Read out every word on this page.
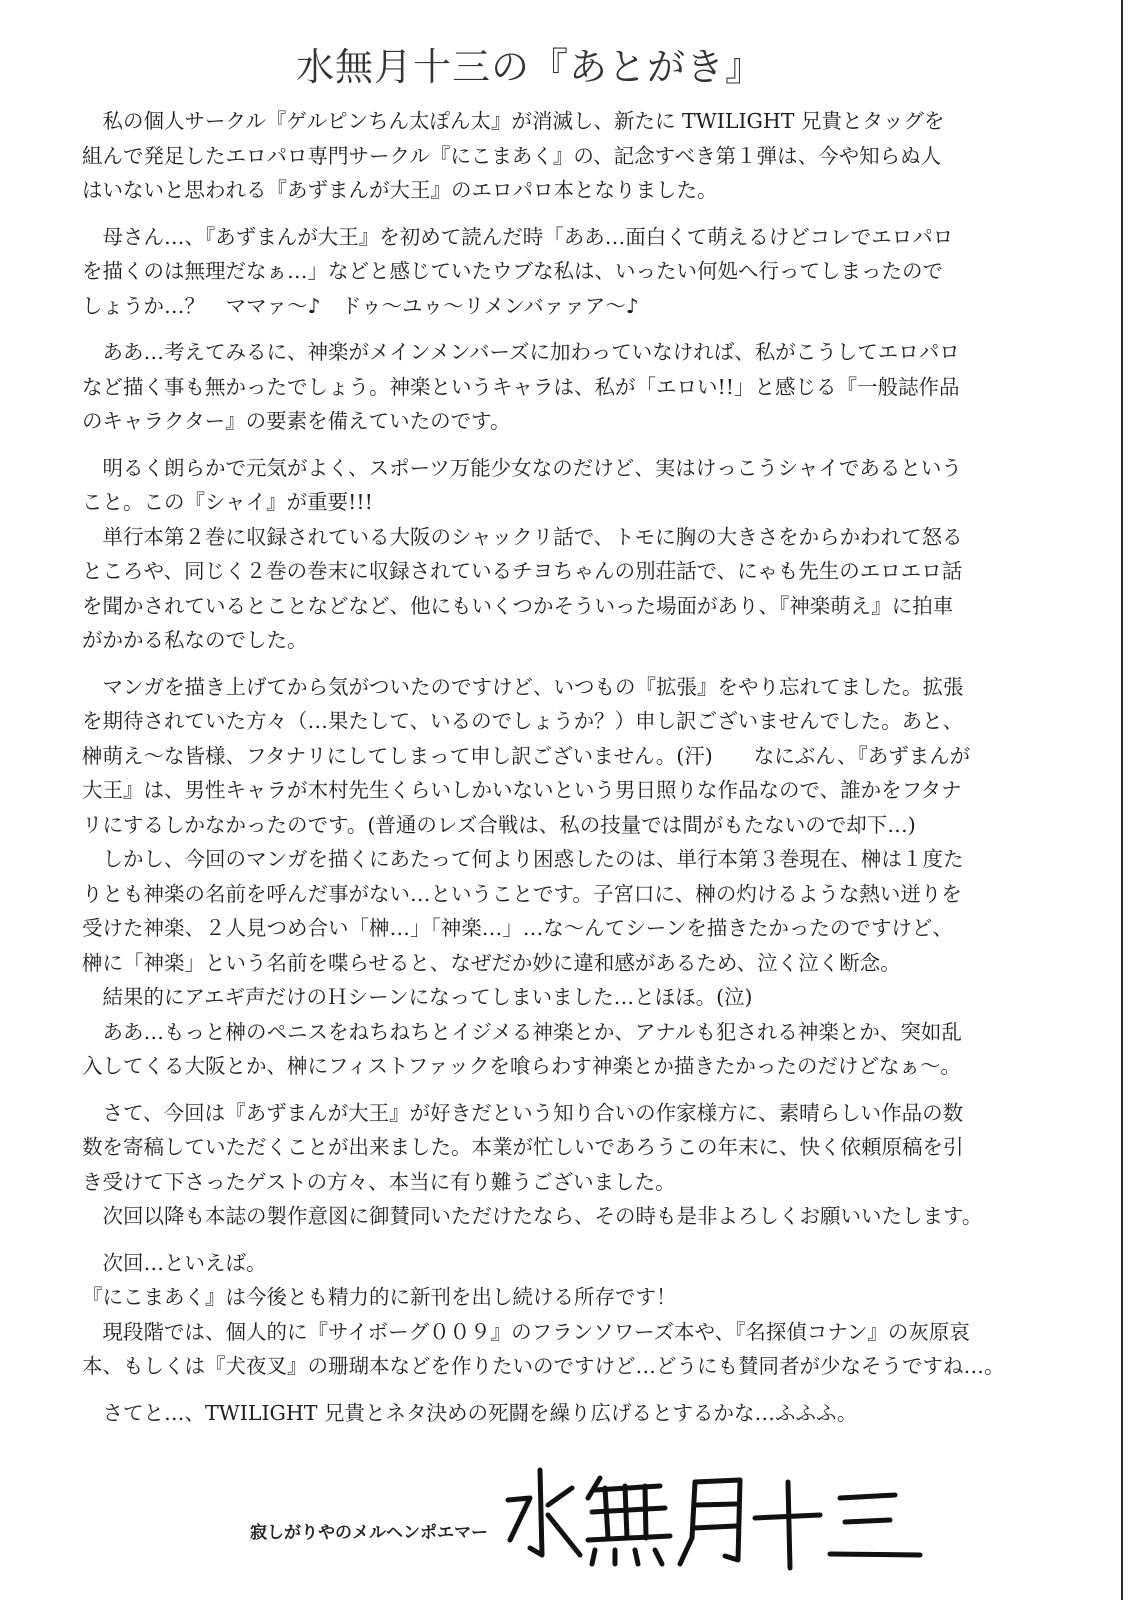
水無月十三の『あとがき』

　私の個人サークル『ゲルピンちん太ぽん太』が消滅し、新たに TWILIGHT 兄貴とタッグを
組んで発足したエロパロ専門サークル『にこまあく』の、記念すべき第１弾は、今や知らぬ人
はいないと思われる『あずまんが大王』のエロパロ本となりました。

　母さん…、『あずまんが大王』を初めて読んだ時「ああ…面白くて萌えるけどコレでエロパロ
を描くのは無理だなぁ…」などと感じていたウブな私は、いったい何処へ行ってしまったので
しょうか…？　ママァ〜♪　ドゥ〜ユゥ〜リメンバァァア〜♪

　ああ…考えてみるに、神楽がメインメンバーズに加わっていなければ、私がこうしてエロパロ
など描く事も無かったでしょう。神楽というキャラは、私が「エロい!!」と感じる『一般誌作品
のキャラクター』の要素を備えていたのです。

　明るく朗らかで元気がよく、スポーツ万能少女なのだけど、実はけっこうシャイであるという
こと。この『シャイ』が重要!!!
　単行本第２巻に収録されている大阪のシャックリ話で、トモに胸の大きさをからかわれて怒る
ところや、同じく２巻の巻末に収録されているチヨちゃんの別荘話で、にゃも先生のエロエロ話
を聞かされているとことなどなど、他にもいくつかそういった場面があり、『神楽萌え』に拍車
がかかる私なのでした。

　マンガを描き上げてから気がついたのですけど、いつもの『拡張』をやり忘れてました。拡張
を期待されていた方々（…果たして、いるのでしょうか？）申し訳ございませんでした。あと、
榊萌え〜な皆様、フタナリにしてしまって申し訳ございません。(汗)　　なにぶん、『あずまんが
大王』は、男性キャラが木村先生くらいしかいないという男日照りな作品なので、誰かをフタナ
リにするしかなかったのです。(普通のレズ合戦は、私の技量では間がもたないので却下…)
　しかし、今回のマンガを描くにあたって何より困惑したのは、単行本第３巻現在、榊は１度た
りとも神楽の名前を呼んだ事がない…ということです。子宮口に、榊の灼けるような熱い迸りを
受けた神楽、２人見つめ合い「榊…」「神楽…」…な〜んてシーンを描きたかったのですけど、
榊に「神楽」という名前を喋らせると、なぜだか妙に違和感があるため、泣く泣く断念。
　結果的にアエギ声だけのＨシーンになってしまいました…とほほ。(泣)
　ああ…もっと榊のペニスをねちねちとイジメる神楽とか、アナルも犯される神楽とか、突如乱
入してくる大阪とか、榊にフィストファックを喰らわす神楽とか描きたかったのだけどなぁ〜。

　さて、今回は『あずまんが大王』が好きだという知り合いの作家様方に、素晴らしい作品の数
数を寄稿していただくことが出来ました。本業が忙しいであろうこの年末に、快く依頼原稿を引
き受けて下さったゲストの方々、本当に有り難うございました。
　次回以降も本誌の製作意図に御賛同いただけたなら、その時も是非よろしくお願いいたします。

　次回…といえば。
『にこまあく』は今後とも精力的に新刊を出し続ける所存です！
　現段階では、個人的に『サイボーグ００９』のフランソワーズ本や、『名探偵コナン』の灰原哀
本、もしくは『犬夜叉』の珊瑚本などを作りたいのですけど…どうにも賛同者が少なそうですね…。

　さてと…、TWILIGHT 兄貴とネタ決めの死闘を繰り広げるとするかな…ふふふ。

寂しがりやのメルヘンポエマー
